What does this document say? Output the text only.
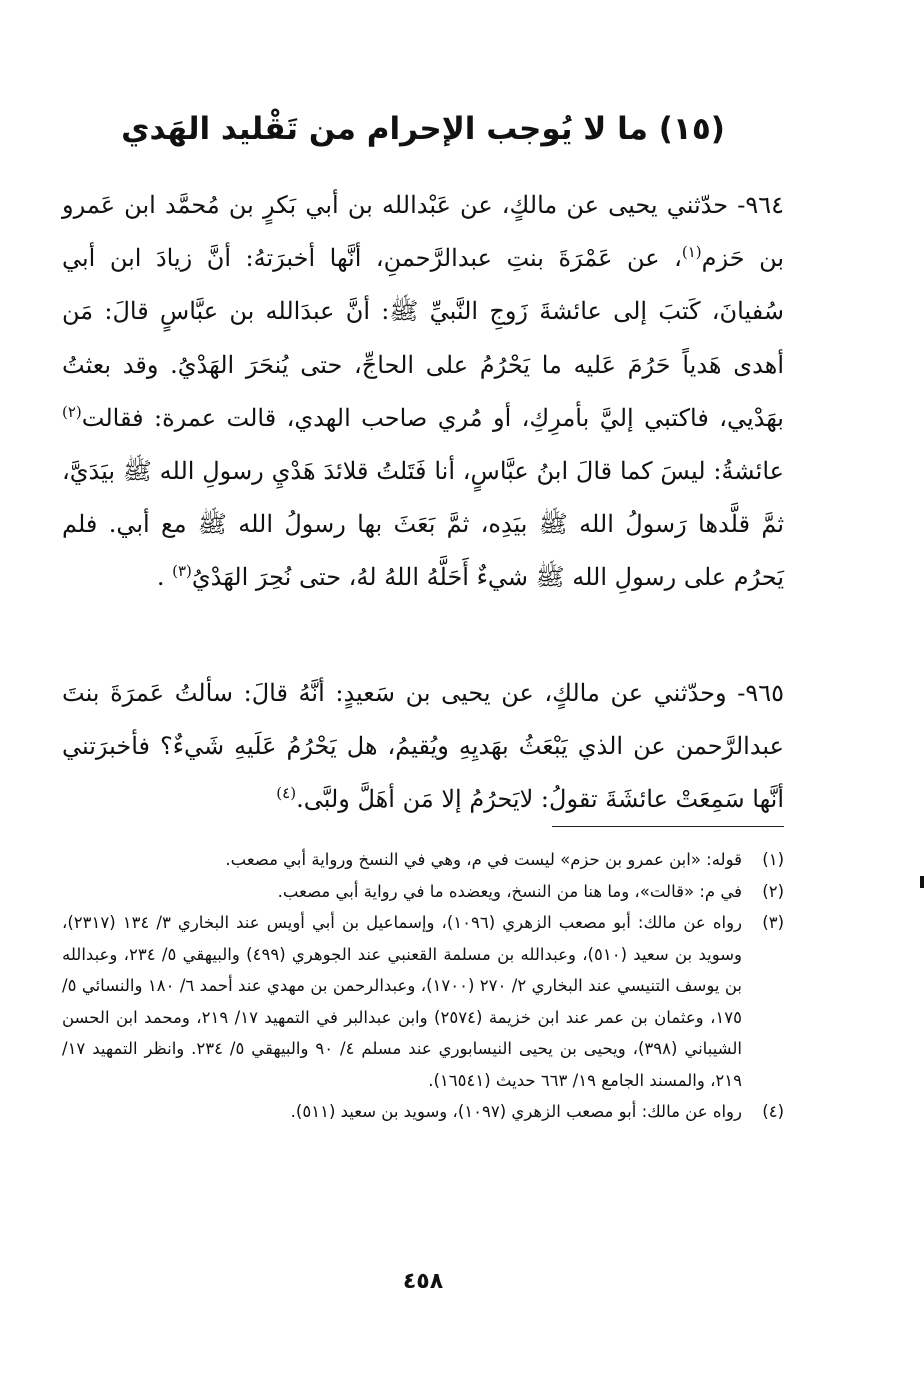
(١٥) ما لا يُوجب الإحرام من تَقْليد الهَدي

٩٦٤- حدّثني يحيى عن مالكٍ، عن عَبْدالله بن أبي بَكرٍ بن مُحمَّد ابن عَمرو بن حَزم$^{(١)}$، عن عَمْرَةَ بنتِ عبدالرَّحمنِ، أنَّها أخبرَتهُ: أنَّ زيادَ ابن أبي سُفيانَ، كَتبَ إلى عائشةَ زَوجِ النَّبيِّ ﷺ: أنَّ عبدَالله بن عبَّاسٍ قالَ: مَن أهدى هَدياً حَرُمَ عَليه ما يَحْرُمُ على الحاجِّ، حتى يُنحَرَ الهَدْيُ. وقد بعثتُ بهَدْيي، فاكتبي إليَّ بأمرِكِ، أو مُري صاحب الهدي، قالت عمرة: فقالت$^{(٢)}$ عائشةُ: ليسَ كما قالَ ابنُ عبَّاسٍ، أنا فَتَلتُ قلائدَ هَدْيِ رسولِ الله ﷺ بيَدَيَّ، ثمَّ قلَّدها رَسولُ الله ﷺ بيَدِه، ثمَّ بَعَثَ بها رسولُ الله ﷺ مع أبي. فلم يَحرُم على رسولِ الله ﷺ شيءٌ أَحَلَّهُ اللهُ لهُ، حتى نُحِرَ الهَدْيُ$^{(٣)}$ .

٩٦٥- وحدّثني عن مالكٍ، عن يحيى بن سَعيدٍ: أنَّهُ قالَ: سألتُ عَمرَةَ بنتَ عبدالرَّحمن عن الذي يَبْعَثُ بهَديِهِ ويُقيمُ، هل يَحْرُمُ عَلَيهِ شَيءٌ؟ فأخبرَتني أنَّها سَمِعَتْ عائشَةَ تقولُ: لايَحرُمُ إلا مَن أهَلَّ ولبَّى.$^{(٤)}$

(١)
قوله: «ابن عمرو بن حزم» ليست في م، وهي في النسخ ورواية أبي مصعب.
(٢)
في م: «قالت»، وما هنا من النسخ، ويعضده ما في رواية أبي مصعب.
(٣)
رواه عن مالك: أبو مصعب الزهري (١٠٩٦)، وإسماعيل بن أبي أويس عند البخاري ٣/ ١٣٤ (٢٣١٧)، وسويد بن سعيد (٥١٠)، وعبدالله بن مسلمة القعنبي عند الجوهري (٤٩٩) والبيهقي ٥/ ٢٣٤، وعبدالله بن يوسف التنيسي عند البخاري ٢/ ٢٧٠ (١٧٠٠)، وعبدالرحمن بن مهدي عند أحمد ٦/ ١٨٠ والنسائي ٥/ ١٧٥، وعثمان بن عمر عند ابن خزيمة (٢٥٧٤) وابن عبدالبر في التمهيد ١٧/ ٢١٩، ومحمد ابن الحسن الشيباني (٣٩٨)، ويحيى بن يحيى النيسابوري عند مسلم ٤/ ٩٠ والبيهقي ٥/ ٢٣٤. وانظر التمهيد ١٧/ ٢١٩، والمسند الجامع ١٩/ ٦٦٣ حديث (١٦٥٤١).
(٤)
رواه عن مالك: أبو مصعب الزهري (١٠٩٧)، وسويد بن سعيد (٥١١).
٤٥٨
